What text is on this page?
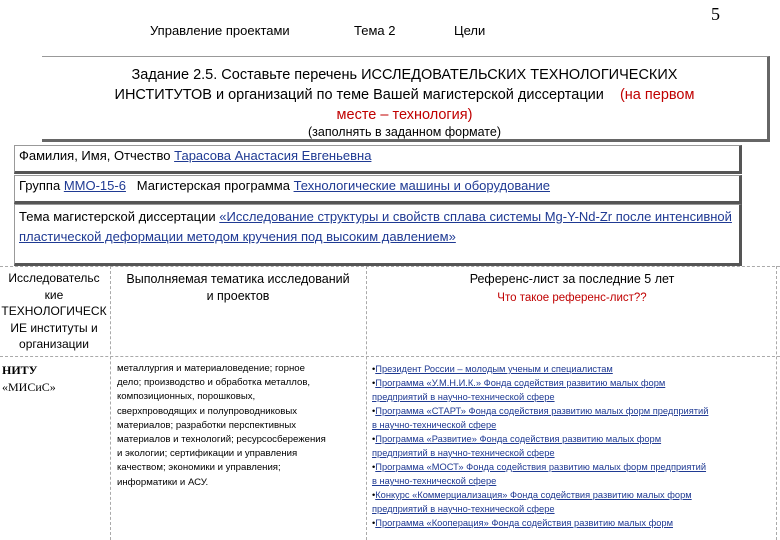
Управление проектами	Тема 2	Цели
5
Задание 2.5. Составьте перечень ИССЛЕДОВАТЕЛЬСКИХ ТЕХНОЛОГИЧЕСКИХ
ИНСТИТУТОВ и организаций по теме Вашей магистерской диссертации (на первом
месте – технология)
(заполнять в заданном формате)
Фамилия, Имя, Отчество Тарасова Анастасия Евгеньевна
Группа ММО-15-6 Магистерская программа Технологические машины и оборудование
Тема магистерской диссертации «Исследование структуры и свойств сплава системы Mg-Y-Nd-Zr после интенсивной пластической деформации методом кручения под высоким давлением»
Исследовательс
кие
ТЕХНОЛОГИЧЕСК
ИЕ институты и
организации
Выполняемая тематика исследований
и проектов
Референс-лист за последние 5 лет
Что такое референс-лист??
НИТУ
«МИСиС»
металлургия и материаловедение; горное
дело; производство и обработка металлов,
композиционных, порошковых,
сверхпроводящих и полупроводниковых
материалов; разработки перспективных
материалов и технологий; ресурсосбережения
и экологии; сертификации и управления
качеством; экономики и управления;
информатики и АСУ.
•Президент России – молодым ученым и специалистам
•Программа «У.М.Н.И.К.» Фонда содействия развитию малых форм
предприятий в научно-технической сфере
•Программа «СТАРТ» Фонда содействия развитию малых форм предприятий
в научно-технической сфере
•Программа «Развитие» Фонда содействия развитию малых форм
предприятий в научно-технической сфере
•Программа «МОСТ» Фонда содействия развитию малых форм предприятий
в научно-технической сфере
•Конкурс «Коммерциализация» Фонда содействия развитию малых форм
предприятий в научно-технической сфере
•Программа «Кооперация» Фонда содействия развитию малых форм
